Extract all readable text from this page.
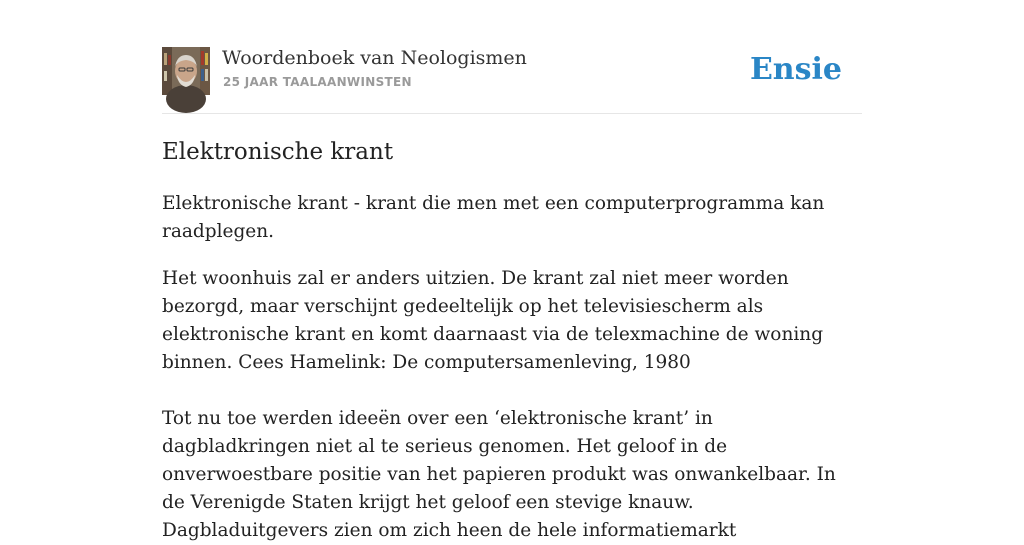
Woordenboek van Neologismen
25 JAAR TAALAANWINSTEN	Ensie
Elektronische krant

Elektronische krant - krant die men met een computerprogramma kan raadplegen.

Het woonhuis zal er anders uitzien. De krant zal niet meer worden bezorgd, maar verschijnt gedeeltelijk op het televisiescherm als elektronische krant en komt daarnaast via de telexmachine de woning binnen. Cees Hamelink: De computersamenleving, 1980

Tot nu toe werden ideeën over een ‘elektronische krant’ in dagbladkringen niet al te serieus genomen. Het geloof in de onverwoestbare positie van het papieren produkt was onwankelbaar. In de Verenigde Staten krijgt het geloof een stevige knauw. Dagbladuitgevers zien om zich heen de hele informatiemarkt
